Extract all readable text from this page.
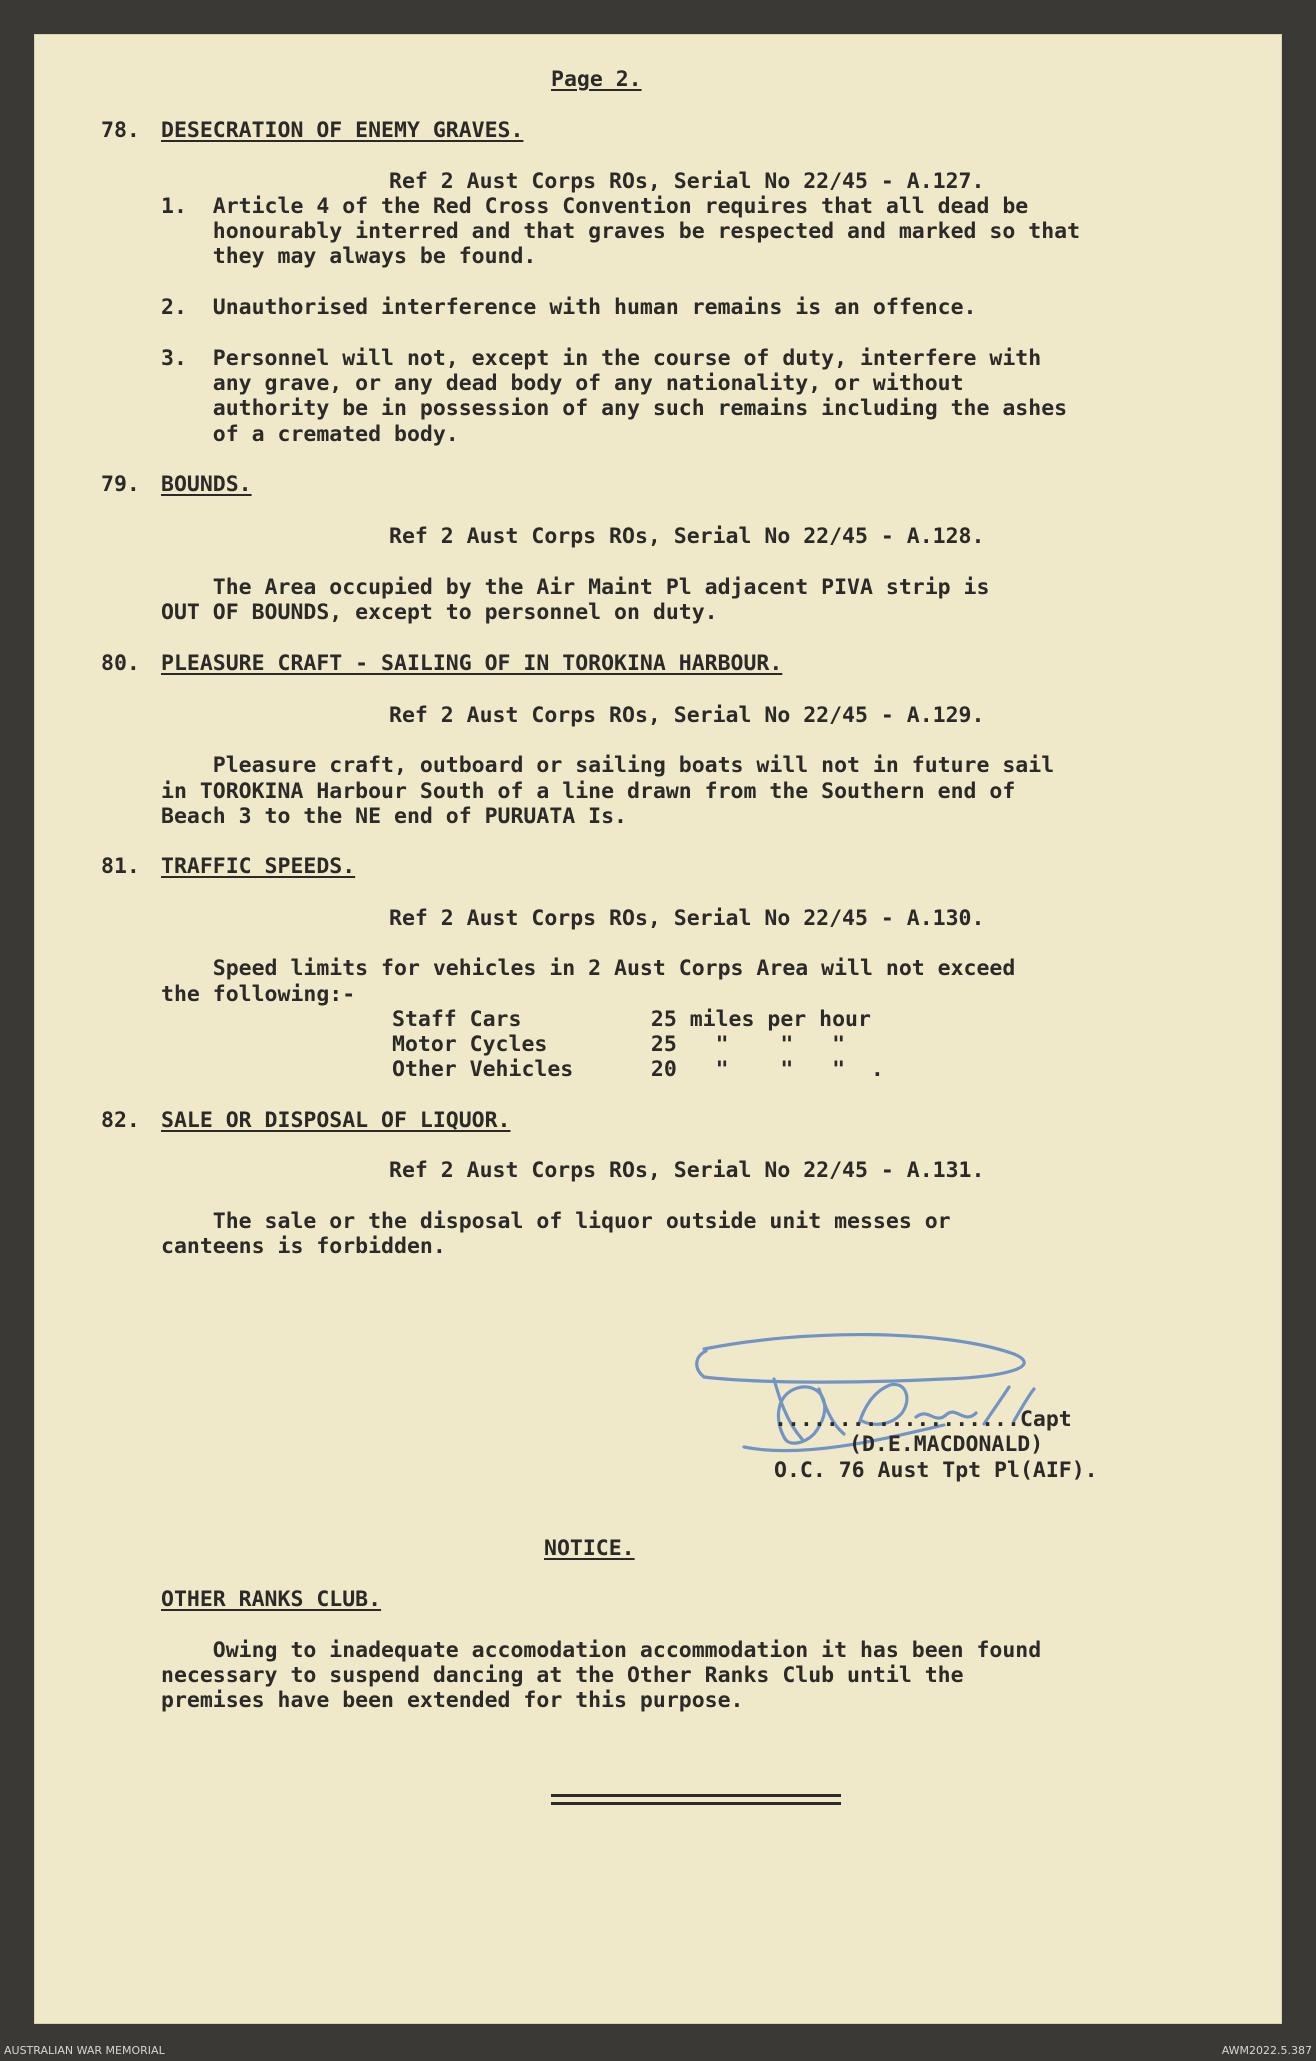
Page 2.
78. DESECRATION OF ENEMY GRAVES.
Ref 2 Aust Corps ROs, Serial No 22/45 - A.127.
1.  Article 4 of the Red Cross Convention requires that all dead be
honourably interred and that graves be respected and marked so that
they may always be found.
2.  Unauthorised interference with human remains is an offence.
3.  Personnel will not, except in the course of duty, interfere with
any grave, or any dead body of any nationality, or without
authority be in possession of any such remains including the ashes
of a cremated body.
79. BOUNDS.
Ref 2 Aust Corps ROs, Serial No 22/45 - A.128.
The Area occupied by the Air Maint Pl adjacent PIVA strip is
OUT OF BOUNDS, except to personnel on duty.
80. PLEASURE CRAFT - SAILING OF IN TOROKINA HARBOUR.
Ref 2 Aust Corps ROs, Serial No 22/45 - A.129.
Pleasure craft, outboard or sailing boats will not in future sail
in TOROKINA Harbour South of a line drawn from the Southern end of
Beach 3 to the NE end of PURUATA Is.
81. TRAFFIC SPEEDS.
Ref 2 Aust Corps ROs, Serial No 22/45 - A.130.
Speed limits for vehicles in 2 Aust Corps Area will not exceed
the following:-
Staff Cars          25 miles per hour
Motor Cycles        25   "    "   "
Other Vehicles      20   "    "   "  .
82. SALE OR DISPOSAL OF LIQUOR.
Ref 2 Aust Corps ROs, Serial No 22/45 - A.131.
The sale or the disposal of liquor outside unit messes or
canteens is forbidden.
...................Capt
(D.E.MACDONALD)
O.C. 76 Aust Tpt Pl(AIF).
NOTICE.
OTHER RANKS CLUB.
Owing to inadequate accomodation accommodation it has been found
necessary to suspend dancing at the Other Ranks Club until the
premises have been extended for this purpose.
AUSTRALIAN WAR MEMORIAL	AWM2022.5.387
